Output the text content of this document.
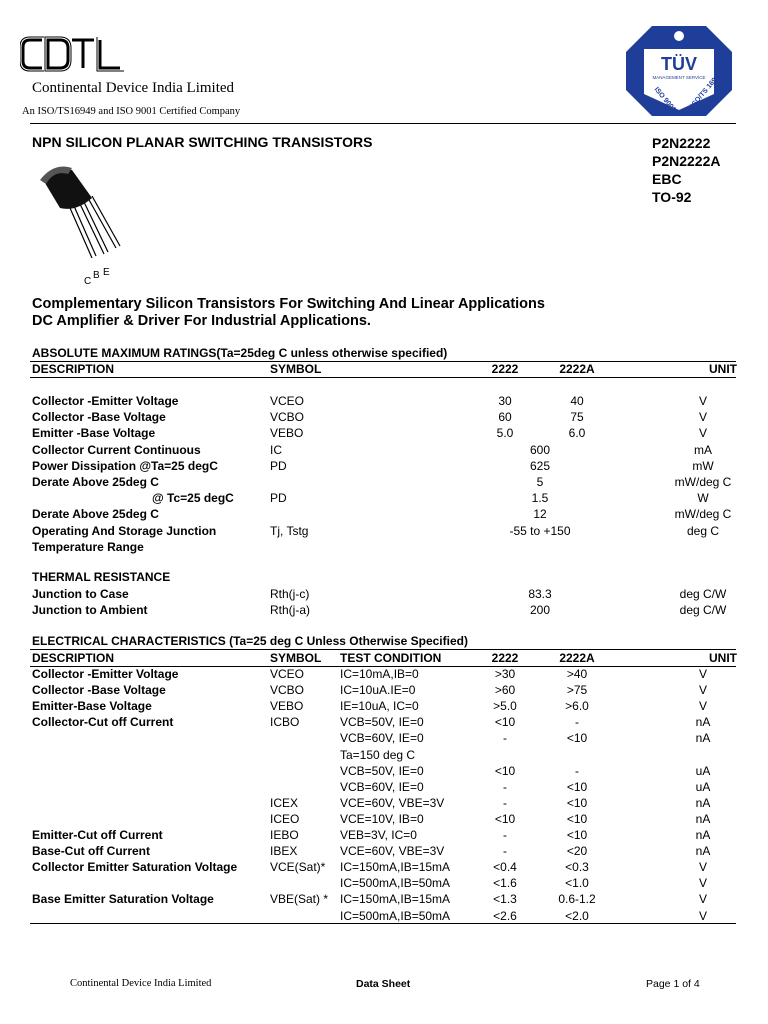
CDIL
Continental Device India Limited
An ISO/TS16949 and ISO 9001 Certified Company
TÜV
MANAGEMENT SERVICE
ISO 9001 ISO/TS 16949
NPN SILICON PLANAR SWITCHING TRANSISTORS	P2N2222
P2N2222A
EBC
TO-92
C
B E
Complementary Silicon Transistors For Switching And Linear Applications
DC Amplifier & Driver For Industrial Applications.
ABSOLUTE MAXIMUM RATINGS(Ta=25deg C unless otherwise specified)
DESCRIPTION	SYMBOL	2222	2222A	UNIT
Collector -Emitter Voltage	VCEO	30	40	V
Collector -Base Voltage	VCBO	60	75	V
Emitter -Base Voltage	VEBO	5.0	6.0	V
Collector Current Continuous	IC	600	mA
Power Dissipation @Ta=25 degC	PD	625	mW
Derate Above 25deg C	5	mW/deg C
@ Tc=25 degC	PD	1.5	W
Derate Above 25deg C	12	mW/deg C
Operating And Storage Junction	Tj, Tstg	-55 to +150	deg C
Temperature Range
THERMAL RESISTANCE
Junction to Case	Rth(j-c)	83.3	deg C/W
Junction to Ambient	Rth(j-a)	200	deg C/W
ELECTRICAL CHARACTERISTICS (Ta=25 deg C Unless Otherwise Specified)
DESCRIPTION	SYMBOL TEST CONDITION	2222	2222A	UNIT
Collector -Emitter Voltage	VCEO	IC=10mA,IB=0	>30	>40	V
Collector -Base Voltage	VCBO	IC=10uA.IE=0	>60	>75	V
Emitter-Base Voltage	VEBO	IE=10uA, IC=0	>5.0	>6.0	V
Collector-Cut off Current	ICBO	VCB=50V, IE=0	<10	-	nA
VCB=60V, IE=0	-	<10	nA
Ta=150 deg C
VCB=50V, IE=0	<10	-	uA
VCB=60V, IE=0	-	<10	uA
ICEX	VCE=60V, VBE=3V	-	<10	nA
ICEO	VCE=10V, IB=0	<10	<10	nA
Emitter-Cut off Current	IEBO	VEB=3V, IC=0	-	<10	nA
Base-Cut off Current	IBEX	VCE=60V, VBE=3V	-	<20	nA
Collector Emitter Saturation Voltage	VCE(Sat)* IC=150mA,IB=15mA	<0.4	<0.3	V
IC=500mA,IB=50mA	<1.6	<1.0	V
Base Emitter Saturation Voltage	VBE(Sat) * IC=150mA,IB=15mA	<1.3	0.6-1.2	V
IC=500mA,IB=50mA	<2.6	<2.0	V
Continental Device India Limited	Data Sheet	Page 1 of 4
